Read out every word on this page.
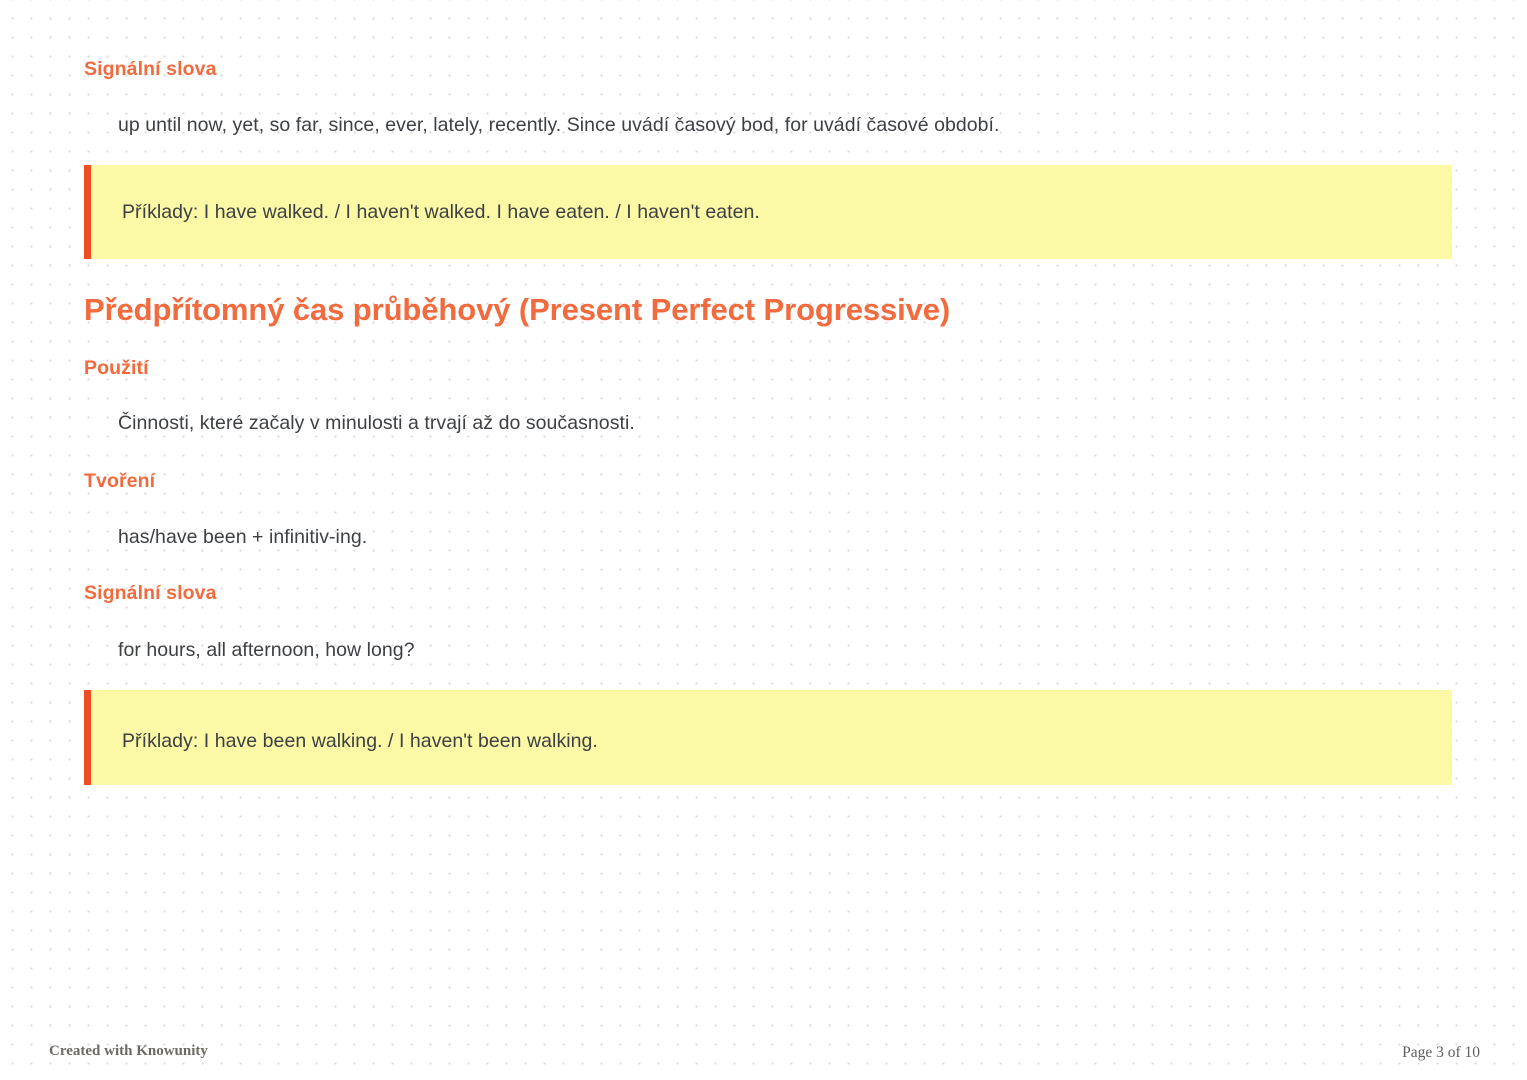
Signální slova
up until now, yet, so far, since, ever, lately, recently. Since uvádí časový bod, for uvádí časové období.
Příklady: I have walked. / I haven't walked. I have eaten. / I haven't eaten.
Předpřítomný čas průběhový (Present Perfect Progressive)
Použití
Činnosti, které začaly v minulosti a trvají až do současnosti.
Tvoření
has/have been + infinitiv-ing.
Signální slova
for hours, all afternoon, how long?
Příklady: I have been walking. / I haven't been walking.
Created with Knowunity	Page 3 of 10
